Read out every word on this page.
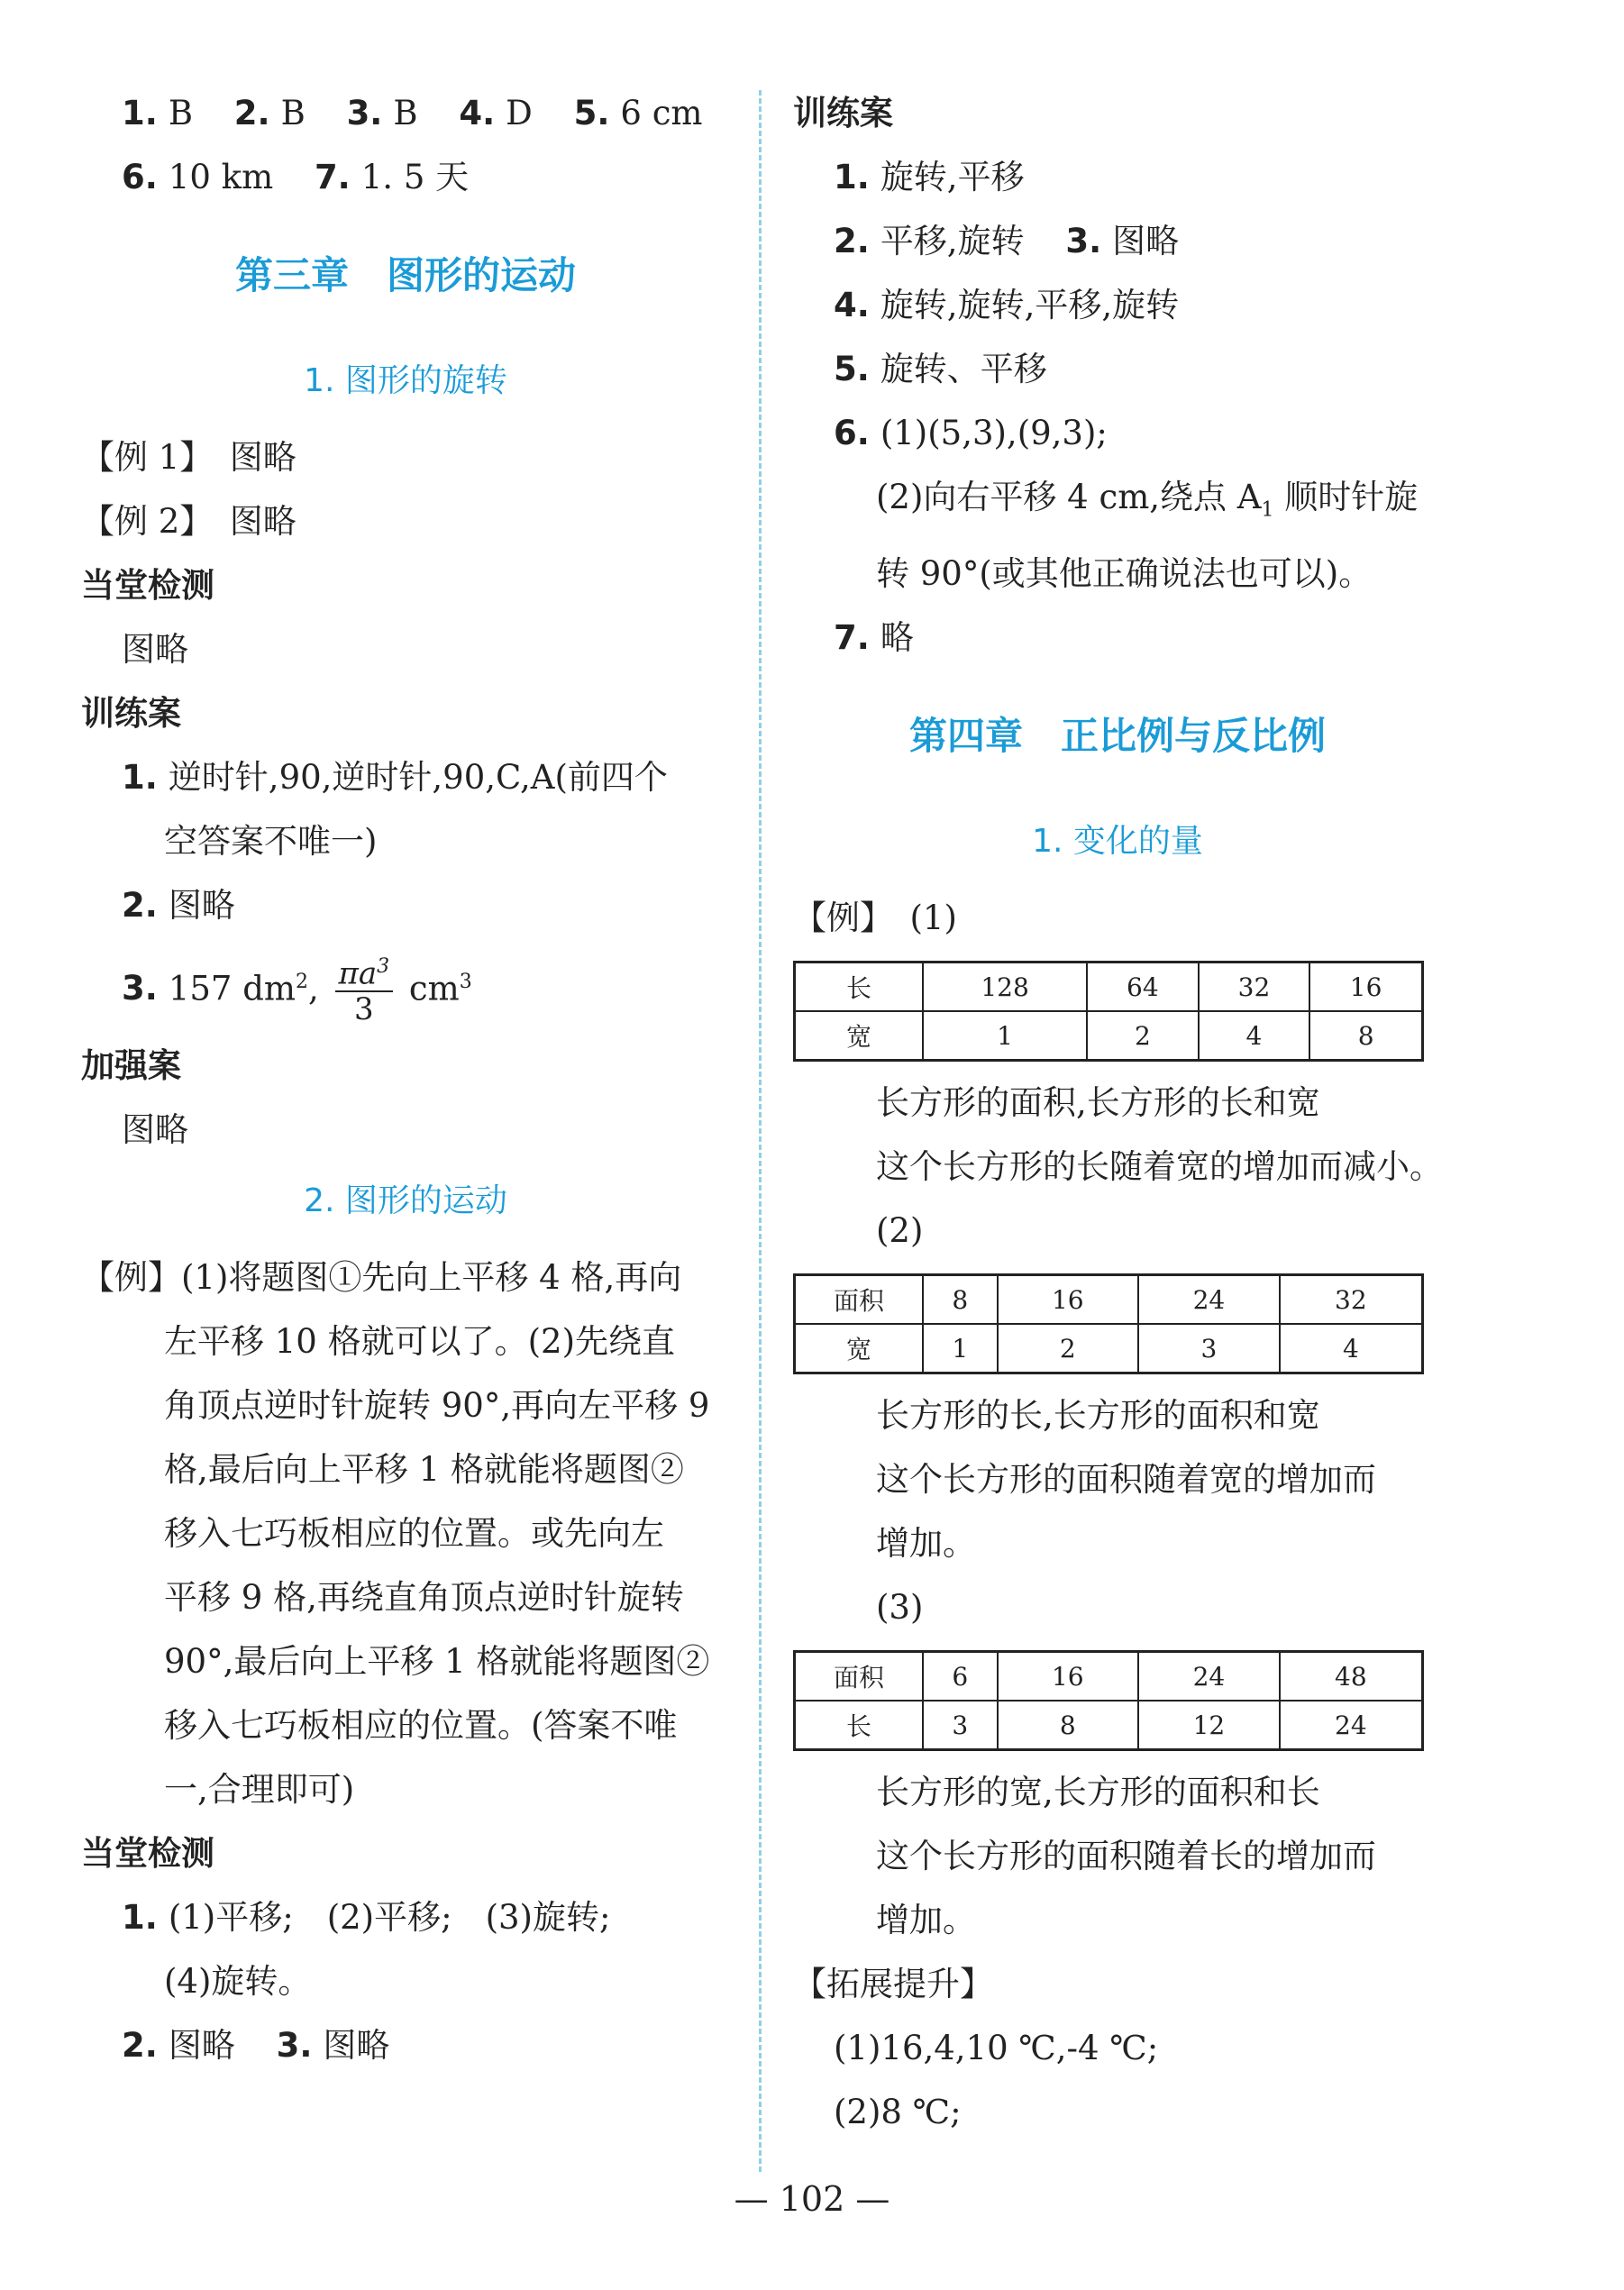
1. B 2. B 3. B 4. D 5. 6 cm
6. 10 km 7. 1. 5 天
第三章　图形的运动
1. 图形的旋转
【例 1】　图略
【例 2】　图略
当堂检测
图略
训练案
1. 逆时针,90,逆时针,90,C,A(前四个
空答案不唯一)
2. 图略
3. 157 $dm^2$, $\frac{\pi a^3}{3} cm^3$
加强案
图略
2. 图形的运动
【例】(1)将题图①先向上平移 4 格,再向
左平移 10 格就可以了。(2)先绕直
角顶点逆时针旋转 90°,再向左平移 9
格,最后向上平移 1 格就能将题图②
移入七巧板相应的位置。或先向左
平移 9 格,再绕直角顶点逆时针旋转
90°,最后向上平移 1 格就能将题图②
移入七巧板相应的位置。(答案不唯
一,合理即可)
当堂检测
1. (1)平移;　(2)平移;　(3)旋转;
(4)旋转。
2. 图略 3. 图略
训练案
1. 旋转,平移
2. 平移,旋转 3. 图略
4. 旋转,旋转,平移,旋转
5. 旋转、平移
6. (1)(5,3),(9,3);
(2)向右平移 4 cm,绕点 $A_1$ 顺时针旋
转 90°(或其他正确说法也可以)。
7. 略
第四章　正比例与反比例
1. 变化的量
【例】　(1)
长	128	64	32	16
宽	1	2	4	8
长方形的面积,长方形的长和宽
这个长方形的长随着宽的增加而减小。
(2)
面积	8	16	24	32
宽	1	2	3	4
长方形的长,长方形的面积和宽
这个长方形的面积随着宽的增加而
增加。
(3)
面积	6	16	24	48
长	3	8	12	24
长方形的宽,长方形的面积和长
这个长方形的面积随着长的增加而
增加。
【拓展提升】
(1)16,4,10 ℃,-4 ℃;
(2)8 ℃;
— 102 —
